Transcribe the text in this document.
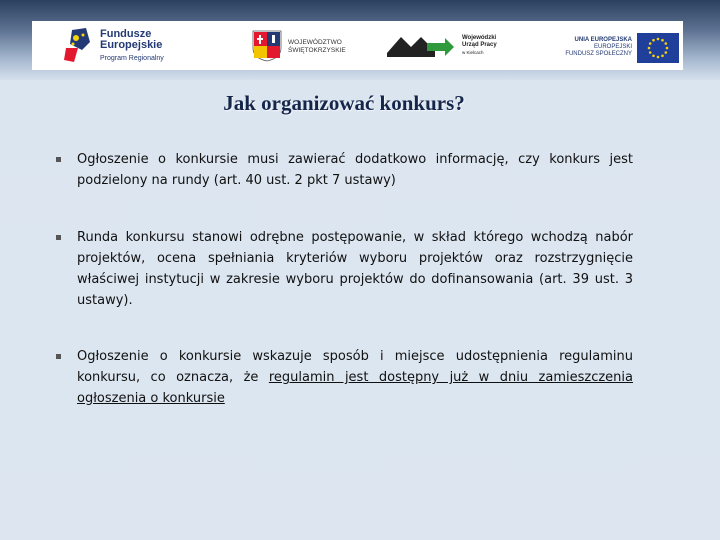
Fundusze
Europejskie
Program Regionalny
WOJEWÓDZTWO
ŚWIĘTOKRZYSKIE
Wojewódzki
Urząd Pracy
w Kielcach
UNIA EUROPEJSKA
EUROPEJSKI
FUNDUSZ SPOŁECZNY
Jak organizować konkurs?
Ogłoszenie o konkursie musi zawierać dodatkowo informację, czy konkurs jest podzielony na rundy (art. 40 ust. 2 pkt 7 ustawy)
Runda konkursu stanowi odrębne postępowanie, w skład którego wchodzą nabór projektów, ocena spełniania kryteriów wyboru projektów oraz rozstrzygnięcie właściwej instytucji w zakresie wyboru projektów do dofinansowania (art. 39 ust. 3 ustawy).
Ogłoszenie o konkursie wskazuje sposób i miejsce udostępnienia regulaminu konkursu, co oznacza, że regulamin jest dostępny już w dniu zamieszczenia ogłoszenia o konkursie
